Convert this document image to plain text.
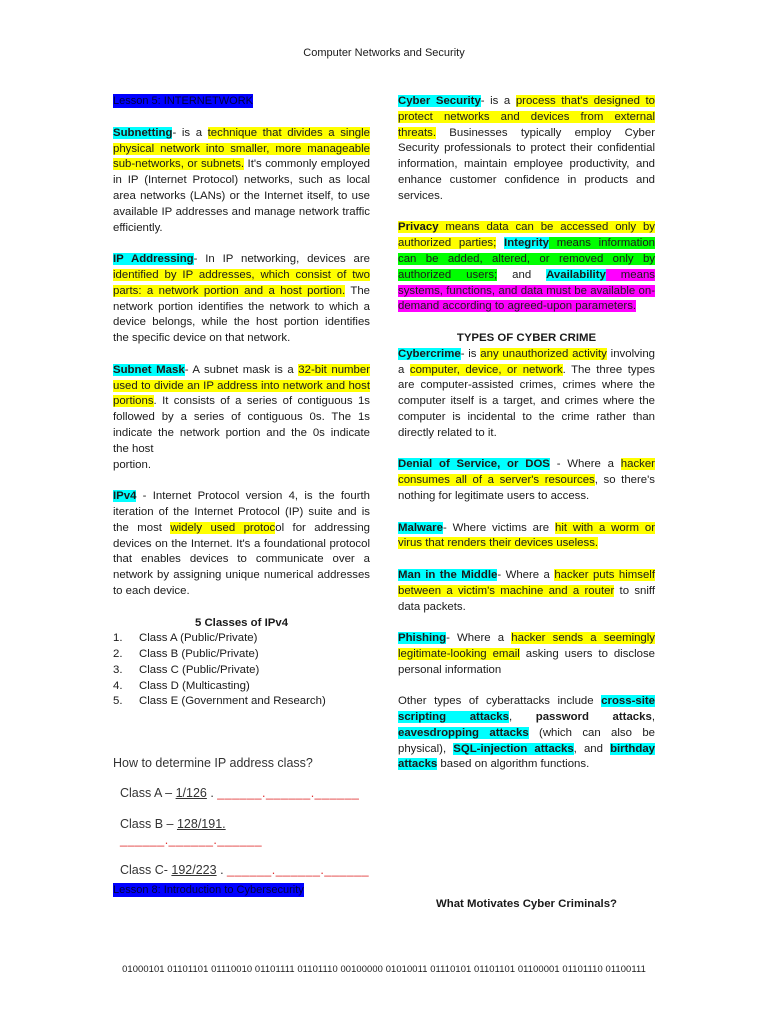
Computer Networks and Security

Lesson 5: INTERNETWORK

Subnetting- is a technique that divides a single physical network into smaller, more manageable sub-networks, or subnets. It's commonly employed in IP (Internet Protocol) networks, such as local area networks (LANs) or the Internet itself, to use available IP addresses and manage network traffic efficiently.

IP Addressing- In IP networking, devices are identified by IP addresses, which consist of two parts: a network portion and a host portion. The network portion identifies the network to which a device belongs, while the host portion identifies the specific device on that network.

Subnet Mask- A subnet mask is a 32-bit number used to divide an IP address into network and host portions. It consists of a series of contiguous 1s followed by a series of contiguous 0s. The 1s indicate the network portion and the 0s indicate the host
portion.

IPv4 - Internet Protocol version 4, is the fourth iteration of the Internet Protocol (IP) suite and is the most widely used protocol for addressing devices on the Internet. It's a foundational protocol that enables devices to communicate over a network by assigning unique numerical addresses to each device.

5 Classes of IPv4
1. Class A (Public/Private)
2. Class B (Public/Private)
3. Class C (Public/Private)
4. Class D (Multicasting)
5. Class E (Government and Research)
How to determine IP address class?
Class A – 1/126 . ______.______.______
Class B – 128/191. ______.______.______
Class C- 192/223 . ______.______.______
Lesson 8: Introduction to Cybersecurity

Cyber Security- is a process that's designed to protect networks and devices from external threats. Businesses typically employ Cyber Security professionals to protect their confidential information, maintain employee productivity, and enhance customer confidence in products and services.

Privacy means data can be accessed only by authorized parties; Integrity means information can be added, altered, or removed only by authorized users; and Availability means systems, functions, and data must be available on-demand according to agreed-upon parameters.

TYPES OF CYBER CRIME

Cybercrime- is any unauthorized activity involving a computer, device, or network. The three types are computer-assisted crimes, crimes where the computer itself is a target, and crimes where the computer is incidental to the crime rather than directly related to it.

Denial of Service, or DOS - Where a hacker consumes all of a server's resources, so there's nothing for legitimate users to access.

Malware- Where victims are hit with a worm or virus that renders their devices useless.

Man in the Middle- Where a hacker puts himself between a victim's machine and a router to sniff data packets.

Phishing- Where a hacker sends a seemingly legitimate-looking email asking users to disclose personal information

Other types of cyberattacks include cross-site scripting attacks, password attacks, eavesdropping attacks (which can also be physical), SQL-injection attacks, and birthday attacks based on algorithm functions.

What Motivates Cyber Criminals?
01000101 01101101 01110010 01101111 01101110 00100000 01010011 01110101 01101101 01100001 01101110 01100111
